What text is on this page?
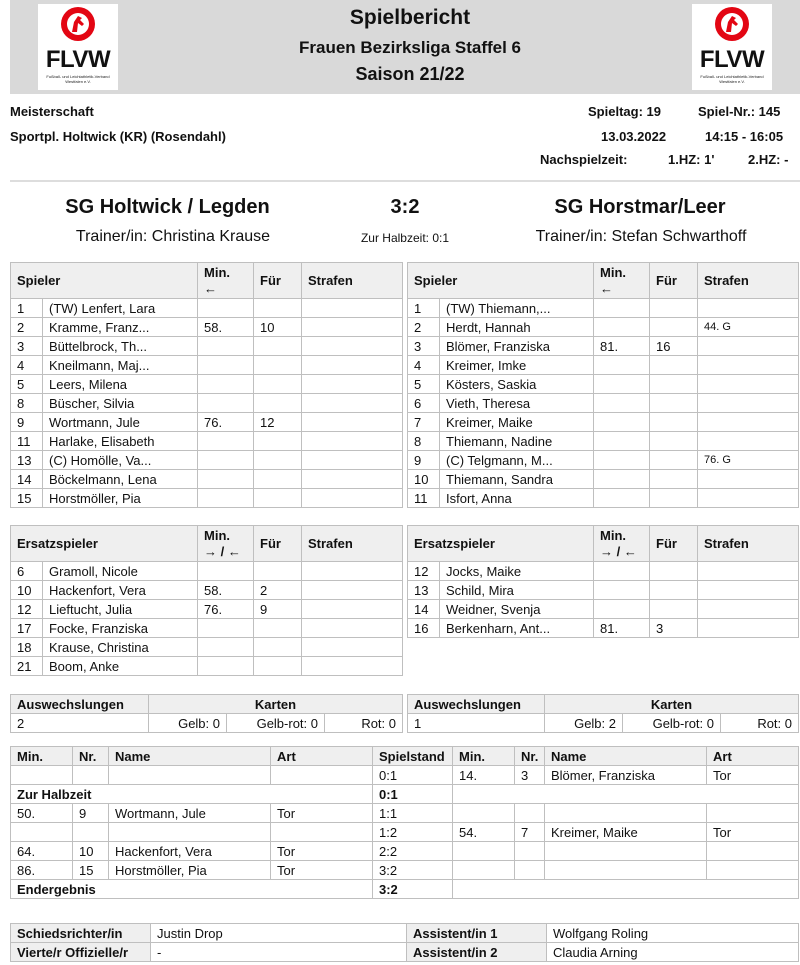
FLVW
Fußball- und Leichtathletik-Verband Westfalen e.V.
Spielbericht
Frauen Bezirksliga Staffel 6
Saison 21/22
FLVW
Fußball- und Leichtathletik-Verband Westfalen e.V.
Meisterschaft
Sportpl. Holtwick (KR) (Rosendahl)
Spieltag: 19	Spiel-Nr.: 145
13.03.2022	14:15 - 16:05
Nachspielzeit:	1.HZ: 1'	2.HZ: -
SG Holtwick / Legden	3:2	SG Horstmar/Leer
Trainer/in: Christina Krause	Zur Halbzeit: 0:1	Trainer/in: Stefan Schwarthoff
Spieler		Min.
←	Für	Strafen
1	(TW) Lenfert, Lara			
2	Kramme, Franz...	58.	10	
3	Büttelbrock, Th...			
4	Kneilmann, Maj...			
5	Leers, Milena			
8	Büscher, Silvia			
9	Wortmann, Jule	76.	12	
11	Harlake, Elisabeth			
13	(C) Homölle, Va...			
14	Böckelmann, Lena			
15	Horstmöller, Pia			
Spieler		Min.
←	Für	Strafen
1	(TW) Thiemann,...			
2	Herdt, Hannah			44. G
3	Blömer, Franziska	81.	16	
4	Kreimer, Imke			
5	Kösters, Saskia			
6	Vieth, Theresa			
7	Kreimer, Maike			
8	Thiemann, Nadine			
9	(C) Telgmann, M...			76. G
10	Thiemann, Sandra			
11	Isfort, Anna			
Ersatzspieler		Min.
→ / ←	Für	Strafen
6	Gramoll, Nicole			
10	Hackenfort, Vera	58.	2	
12	Lieftucht, Julia	76.	9	
17	Focke, Franziska			
18	Krause, Christina			
21	Boom, Anke			
Ersatzspieler		Min.
→ / ←	Für	Strafen
12	Jocks, Maike			
13	Schild, Mira			
14	Weidner, Svenja			
16	Berkenharn, Ant...	81.	3	
Auswechslungen	Karten		
2	Gelb: 0	Gelb-rot: 0	Rot: 0
Auswechslungen	Karten		
1	Gelb: 2	Gelb-rot: 0	Rot: 0
Min.	Nr.	Name	Art	Spielstand	Min.	Nr.	Name	Art
				0:1	14.	3	Blömer, Franziska	Tor
Zur Halbzeit				0:1				
50.	9	Wortmann, Jule	Tor	1:1				
				1:2	54.	7	Kreimer, Maike	Tor
64.	10	Hackenfort, Vera	Tor	2:2				
86.	15	Horstmöller, Pia	Tor	3:2				
Endergebnis				3:2				
Schiedsrichter/in	Justin Drop	Assistent/in 1	Wolfgang Roling
Vierte/r Offizielle/r	-	Assistent/in 2	Claudia Arning
